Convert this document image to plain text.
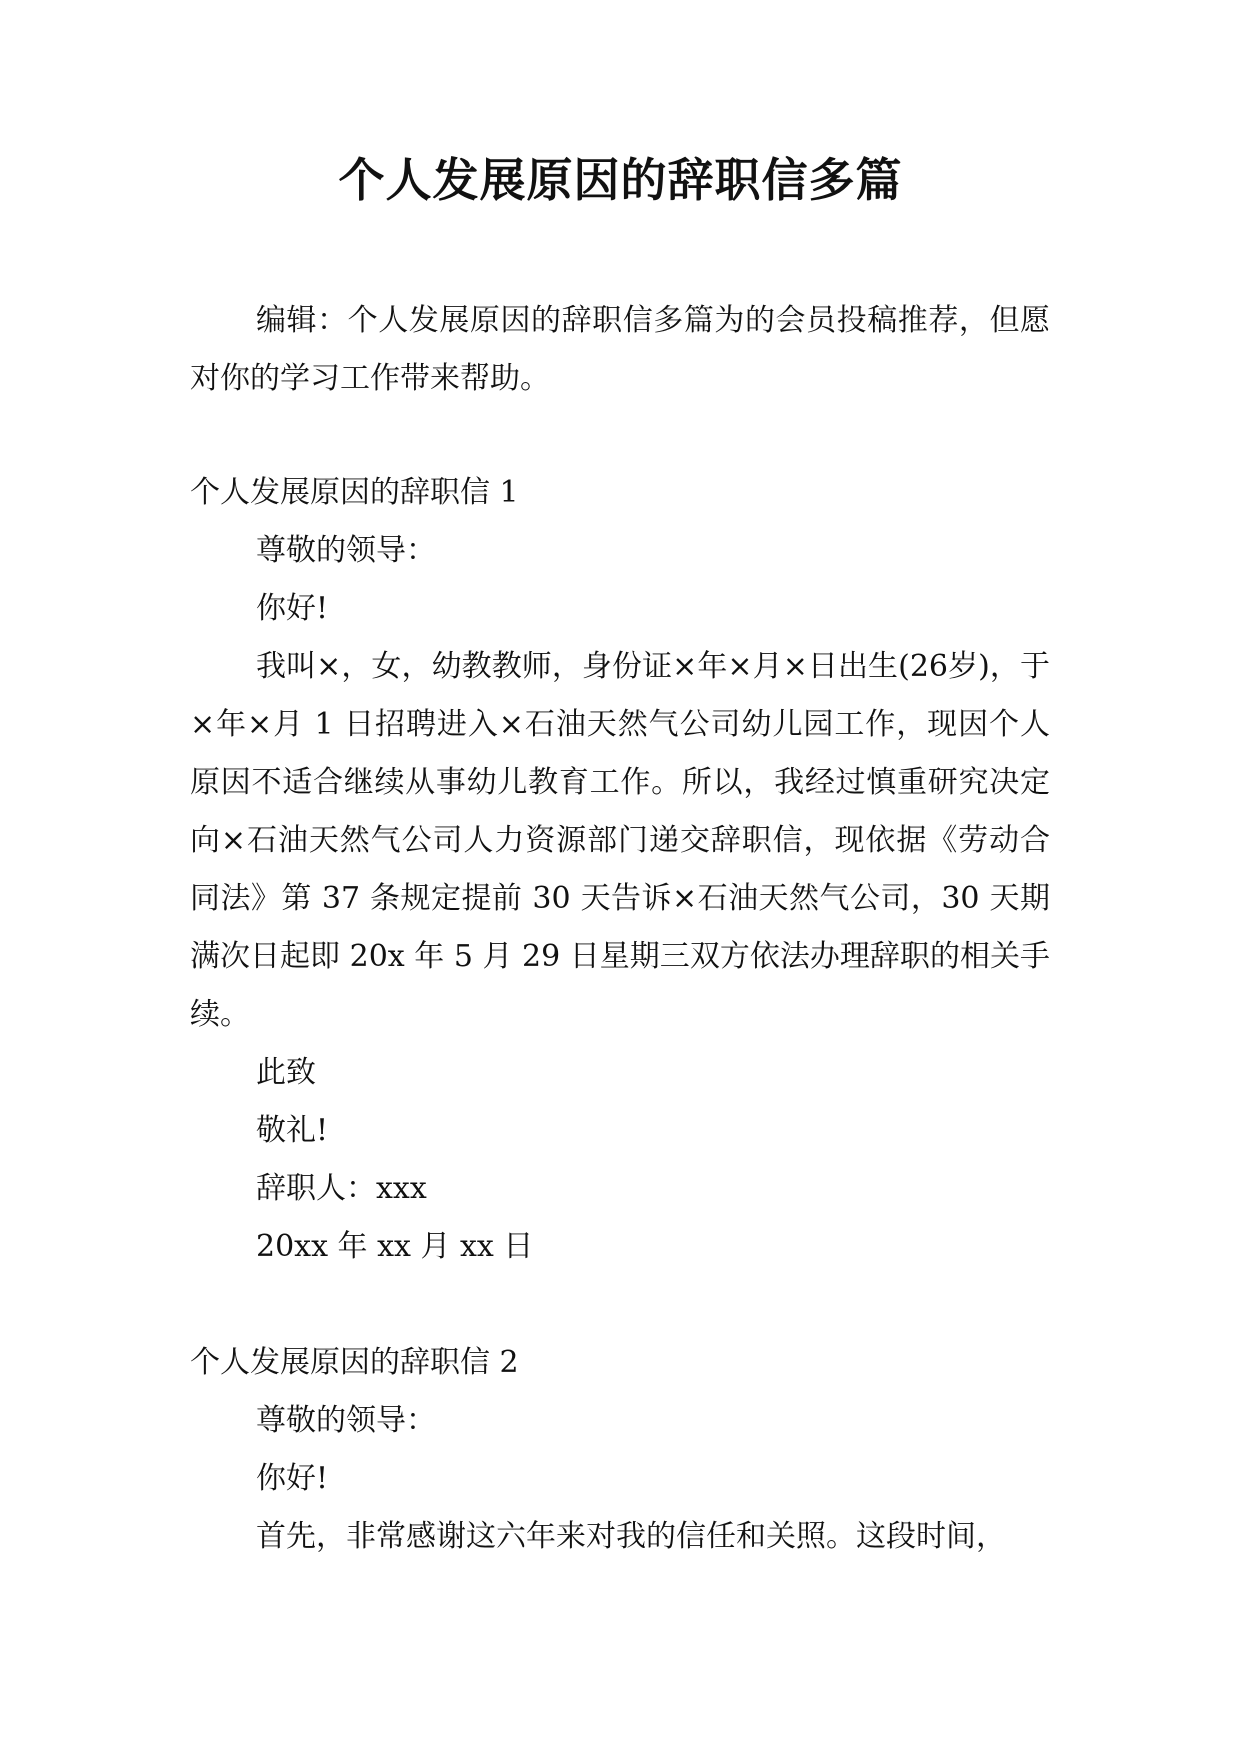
个人发展原因的辞职信多篇
编辑：个人发展原因的辞职信多篇为的会员投稿推荐，但愿对你的学习工作带来帮助。
个人发展原因的辞职信 1
尊敬的领导：
你好!
我叫×，女，幼教教师，身份证×年×月×日出生(26岁)，于×年×月 1 日招聘进入×石油天然气公司幼儿园工作，现因个人原因不适合继续从事幼儿教育工作。所以，我经过慎重研究决定向×石油天然气公司人力资源部门递交辞职信，现依据《劳动合同法》第 37 条规定提前 30 天告诉×石油天然气公司，30 天期满次日起即 20x 年 5 月 29 日星期三双方依法办理辞职的相关手续。
此致
敬礼!
辞职人：xxx
20xx 年 xx 月 xx 日
个人发展原因的辞职信 2
尊敬的领导：
你好!
首先，非常感谢这六年来对我的信任和关照。这段时间，
